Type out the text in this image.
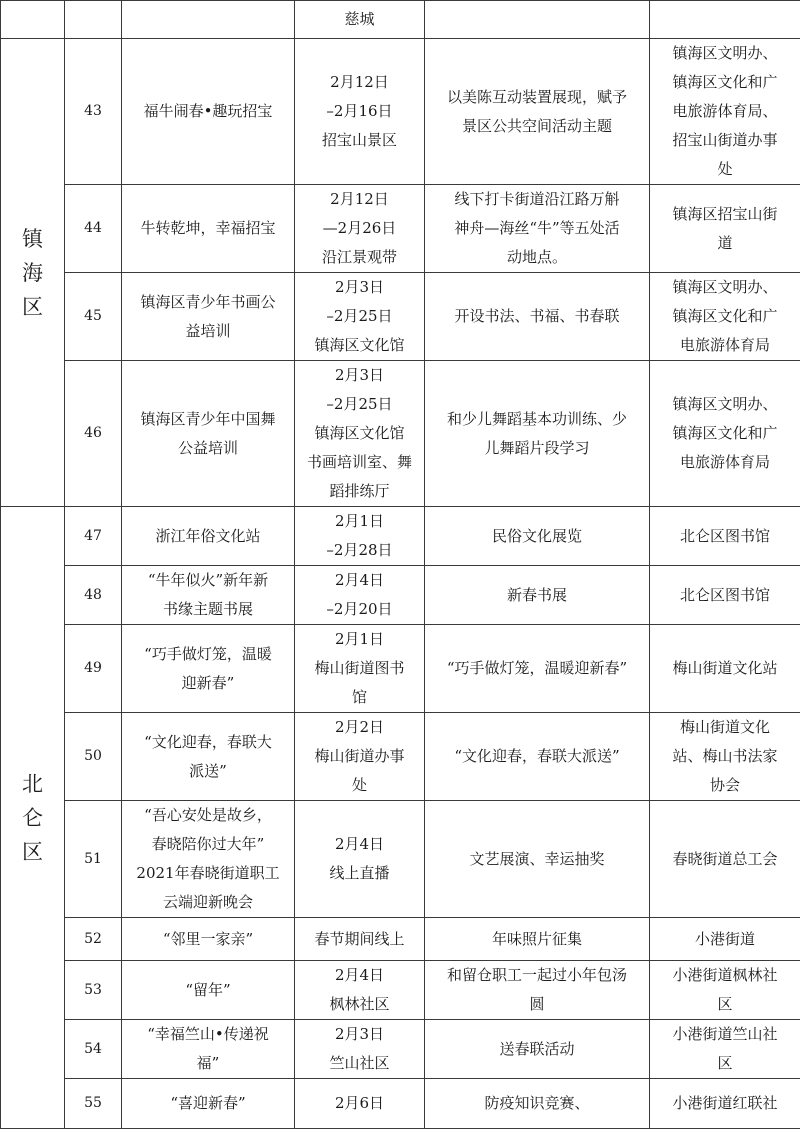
			慈城		
镇
海
区	43	福牛闹春•趣玩招宝	2月12日
–2月16日
招宝山景区	以美陈互动装置展现，赋予
景区公共空间活动主题	镇海区文明办、
镇海区文化和广
电旅游体育局、
招宝山街道办事
处
	44	牛转乾坤，幸福招宝	2月12日
—2月26日
沿江景观带	线下打卡街道沿江路万斛
神舟—海丝“牛”等五处活
动地点。	镇海区招宝山街
道
	45	镇海区青少年书画公
益培训	2月3日
–2月25日
镇海区文化馆	开设书法、书福、书春联	镇海区文明办、
镇海区文化和广
电旅游体育局
	46	镇海区青少年中国舞
公益培训	2月3日
–2月25日
镇海区文化馆
书画培训室、舞
蹈排练厅	和少儿舞蹈基本功训练、少
儿舞蹈片段学习	镇海区文明办、
镇海区文化和广
电旅游体育局
北
仑
区	47	浙江年俗文化站	2月1日
–2月28日	民俗文化展览	北仑区图书馆
	48	“牛年似火”新年新
书缘主题书展	2月4日
–2月20日	新春书展	北仑区图书馆
	49	“巧手做灯笼，温暖
迎新春”	2月1日
梅山街道图书
馆	“巧手做灯笼，温暖迎新春”	梅山街道文化站
	50	“文化迎春，春联大
派送”	2月2日
梅山街道办事
处	“文化迎春，春联大派送”	梅山街道文化
站、梅山书法家
协会
	51	“吾心安处是故乡，
春晓陪你过大年”
2021年春晓街道职工
云端迎新晚会	2月4日
线上直播	文艺展演、幸运抽奖	春晓街道总工会
	52	“邻里一家亲”	春节期间线上	年味照片征集	小港街道
	53	“留年”	2月4日
枫林社区	和留仓职工一起过小年包汤
圆	小港街道枫林社
区
	54	“幸福竺山•传递祝
福”	2月3日
竺山社区	送春联活动	小港街道竺山社
区
	55	“喜迎新春”	2月6日	防疫知识竞赛、	小港街道红联社
